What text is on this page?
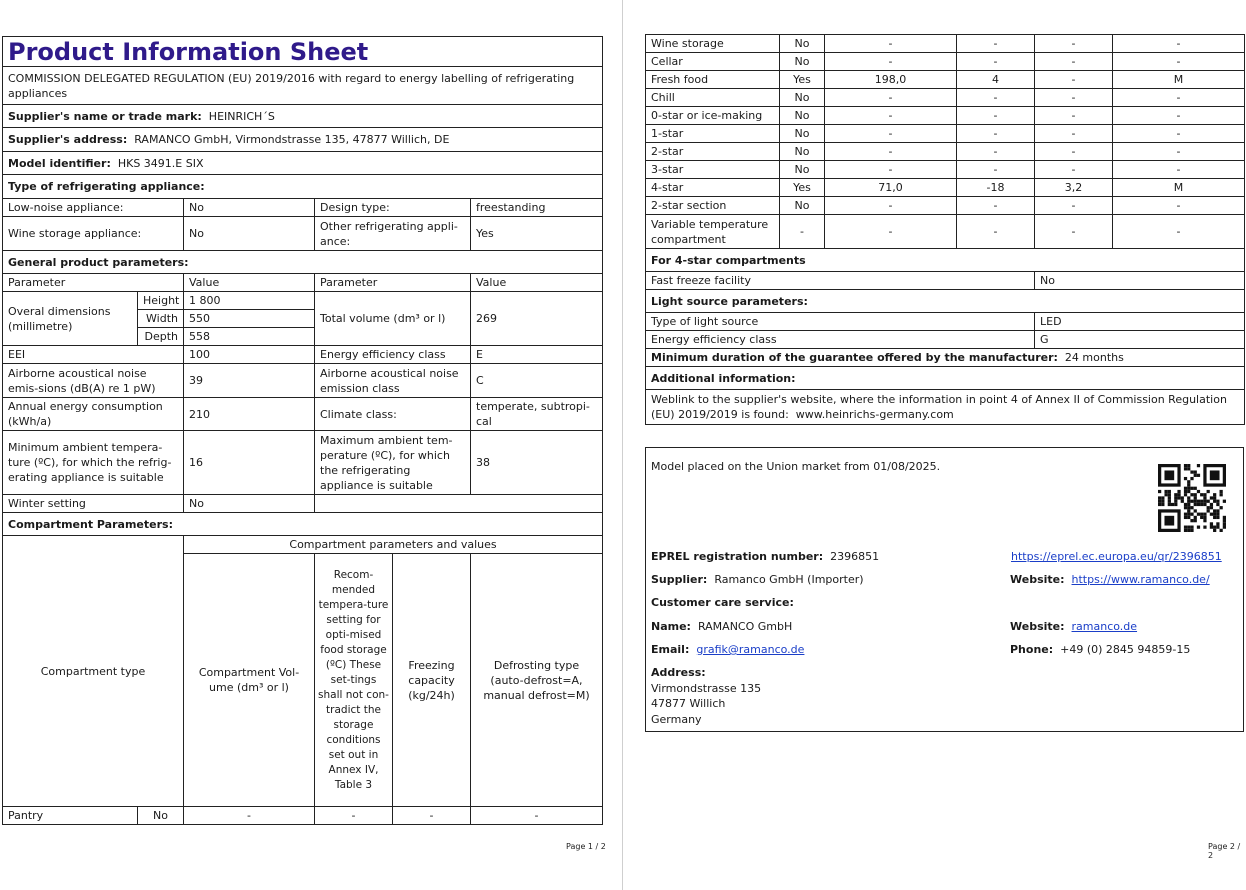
Product Information Sheet					
COMMISSION DELEGATED REGULATION (EU) 2019/2016 with regard to energy labelling of refrigerating appliances					
Supplier's name or trade mark: HEINRICH´S					
Supplier's address: RAMANCO GmbH, Virmondstrasse 135, 47877 Willich, DE					
Model identifier: HKS 3491.E SIX					
Type of refrigerating appliance:					
Low-noise appliance:		No	Design type:		freestanding
Wine storage appliance:		No	Other refrigerating appli-ance:		Yes
General product parameters:					
Parameter		Value	Parameter		Value
Overal dimensions (millimetre)	Height	1 800	Total volume (dm³ or l)		269
	Width	550			
	Depth	558			
EEI		100	Energy efficiency class		E
Airborne acoustical noise emis-sions (dB(A) re 1 pW)		39	Airborne acoustical noise emission class		C
Annual energy consumption (kWh/a)		210	Climate class:		temperate, subtropi-cal
Minimum ambient tempera-ture (ºC), for which the refrig-erating appliance is suitable		16	Maximum ambient tem-perature (ºC), for which the refrigerating appliance is suitable		38
Winter setting		No			
Compartment Parameters:					
Compartment type		Compartment parameters and values			
		Compartment Vol-ume (dm³ or l)	Recom-mended tempera-ture setting for opti-mised food storage (ºC) These set-tings shall not con-tradict the storage conditions set out in Annex IV, Table 3	Freezing capacity (kg/24h)	Defrosting type (auto-defrost=A, manual defrost=M)
Pantry	No	-	-	-	-
Page 1 / 2	Page 2 / 2
Wine storage	No	-	-	-	-
Cellar	No	-	-	-	-
Fresh food	Yes	198,0	4	-	M
Chill	No	-	-	-	-
0-star or ice-making	No	-	-	-	-
1-star	No	-	-	-	-
2-star	No	-	-	-	-
3-star	No	-	-	-	-
4-star	Yes	71,0	-18	3,2	M
2-star section	No	-	-	-	-
Variable temperature compartment	-	-	-	-	-
For 4-star compartments					
Fast freeze facility				No	
Light source parameters:					
Type of light source				LED	
Energy efficiency class				G	
Minimum duration of the guarantee offered by the manufacturer: 24 months					
Additional information:					
Weblink to the supplier's website, where the information in point 4 of Annex II of Commission Regulation (EU) 2019/2019 is found: www.heinrichs-germany.com					
Model placed on the Union market from 01/08/2025.
EPREL registration number: 2396851	https://eprel.ec.europa.eu/qr/2396851
Supplier: Ramanco GmbH (Importer)	Website: https://www.ramanco.de/
Customer care service:
Name: RAMANCO GmbH	Website: ramanco.de
Email: grafik@ramanco.de	Phone: +49 (0) 2845 94859-15
Address:
Virmondstrasse 135
47877 Willich
Germany
